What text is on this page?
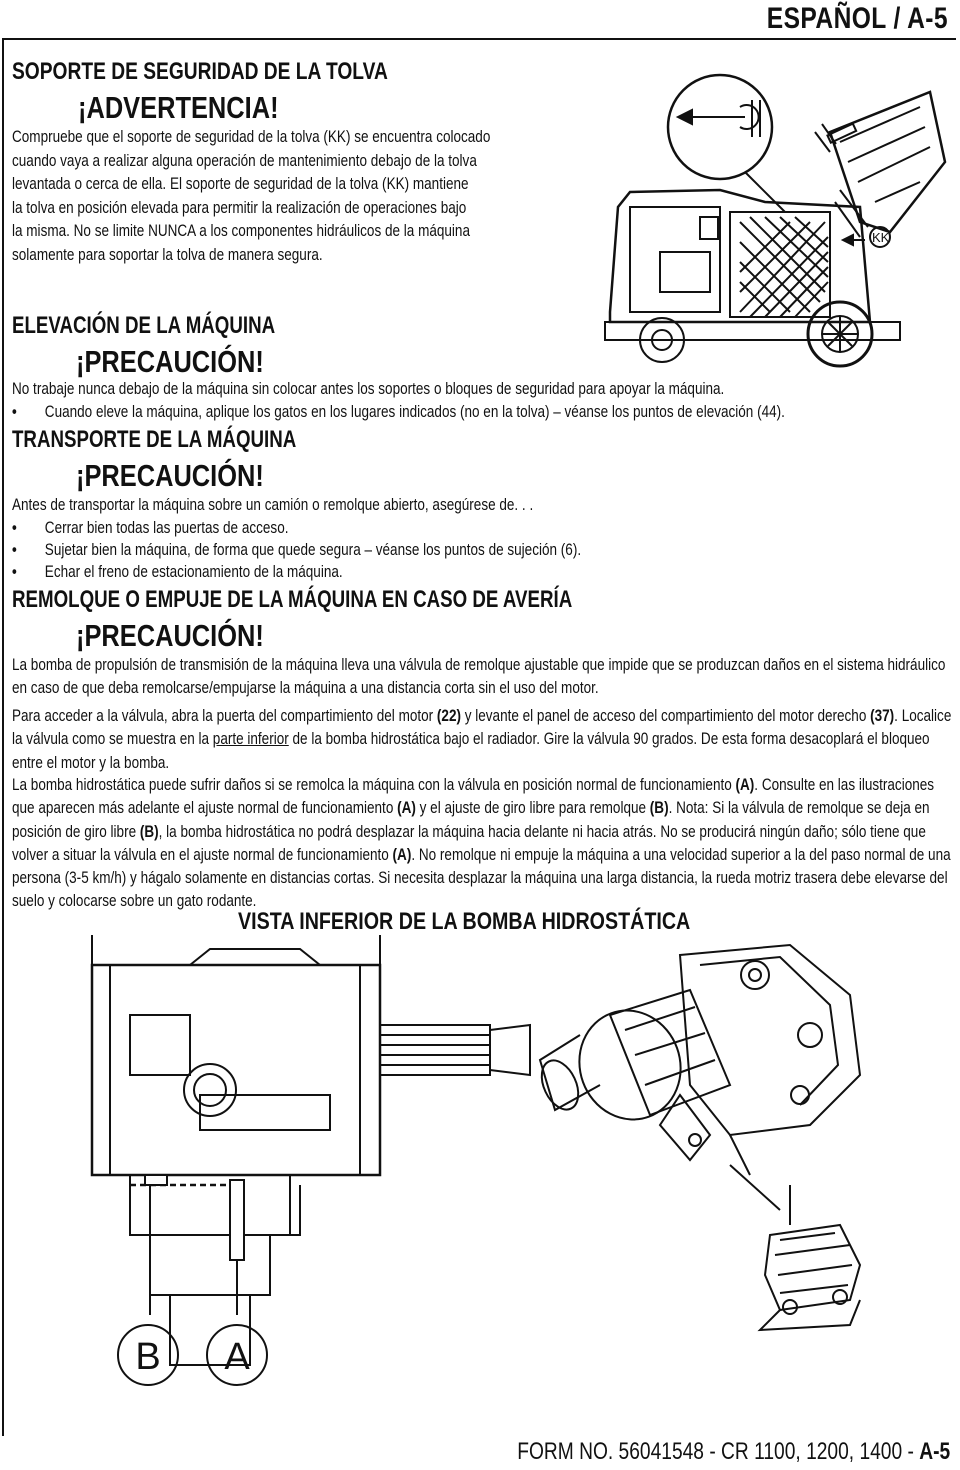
ESPAÑOL / A-5
SOPORTE DE SEGURIDAD DE LA TOLVA
¡ADVERTENCIA!
Compruebe que el soporte de seguridad de la tolva (KK) se encuentra colocado
cuando vaya a realizar alguna operación de mantenimiento debajo de la tolva
levantada o cerca de ella. El soporte de seguridad de la tolva (KK) mantiene
la tolva en posición elevada para permitir la realización de operaciones bajo
la misma. No se limite NUNCA a los componentes hidráulicos de la máquina
solamente para soportar la tolva de manera segura.
KK
ELEVACIÓN DE LA MÁQUINA
¡PRECAUCIÓN!
No trabaje nunca debajo de la máquina sin colocar antes los soportes o bloques de seguridad para apoyar la máquina.
• Cuando eleve la máquina, aplique los gatos en los lugares indicados (no en la tolva) – véanse los puntos de elevación (44).
TRANSPORTE DE LA MÁQUINA
¡PRECAUCIÓN!
Antes de transportar la máquina sobre un camión o remolque abierto, asegúrese de. . .
• Cerrar bien todas las puertas de acceso.
• Sujetar bien la máquina, de forma que quede segura – véanse los puntos de sujeción (6).
• Echar el freno de estacionamiento de la máquina.
REMOLQUE O EMPUJE DE LA MÁQUINA EN CASO DE AVERÍA
¡PRECAUCIÓN!
La bomba de propulsión de transmisión de la máquina lleva una válvula de remolque ajustable que impide que se produzcan daños en el sistema hidráulico en caso de que deba remolcarse/empujarse la máquina a una distancia corta sin el uso del motor.
Para acceder a la válvula, abra la puerta del compartimiento del motor (22) y levante el panel de acceso del compartimiento del motor derecho (37). Localice la válvula como se muestra en la parte inferior de la bomba hidrostática bajo el radiador. Gire la válvula 90 grados. De esta forma desacoplará el bloqueo entre el motor y la bomba.
La bomba hidrostática puede sufrir daños si se remolca la máquina con la válvula en posición normal de funcionamiento (A). Consulte en las ilustraciones que aparecen más adelante el ajuste normal de funcionamiento (A) y el ajuste de giro libre para remolque (B). Nota: Si la válvula de remolque se deja en posición de giro libre (B), la bomba hidrostática no podrá desplazar la máquina hacia delante ni hacia atrás. No se producirá ningún daño; sólo tiene que volver a situar la válvula en el ajuste normal de funcionamiento (A). No remolque ni empuje la máquina a una velocidad superior a la del paso normal de una persona (3-5 km/h) y hágalo solamente en distancias cortas. Si necesita desplazar la máquina una larga distancia, la rueda motriz trasera debe elevarse del suelo y colocarse sobre un gato rodante.
VISTA INFERIOR DE LA BOMBA HIDROSTÁTICA
B A
FORM NO. 56041548 - CR 1100, 1200, 1400 - A-5
